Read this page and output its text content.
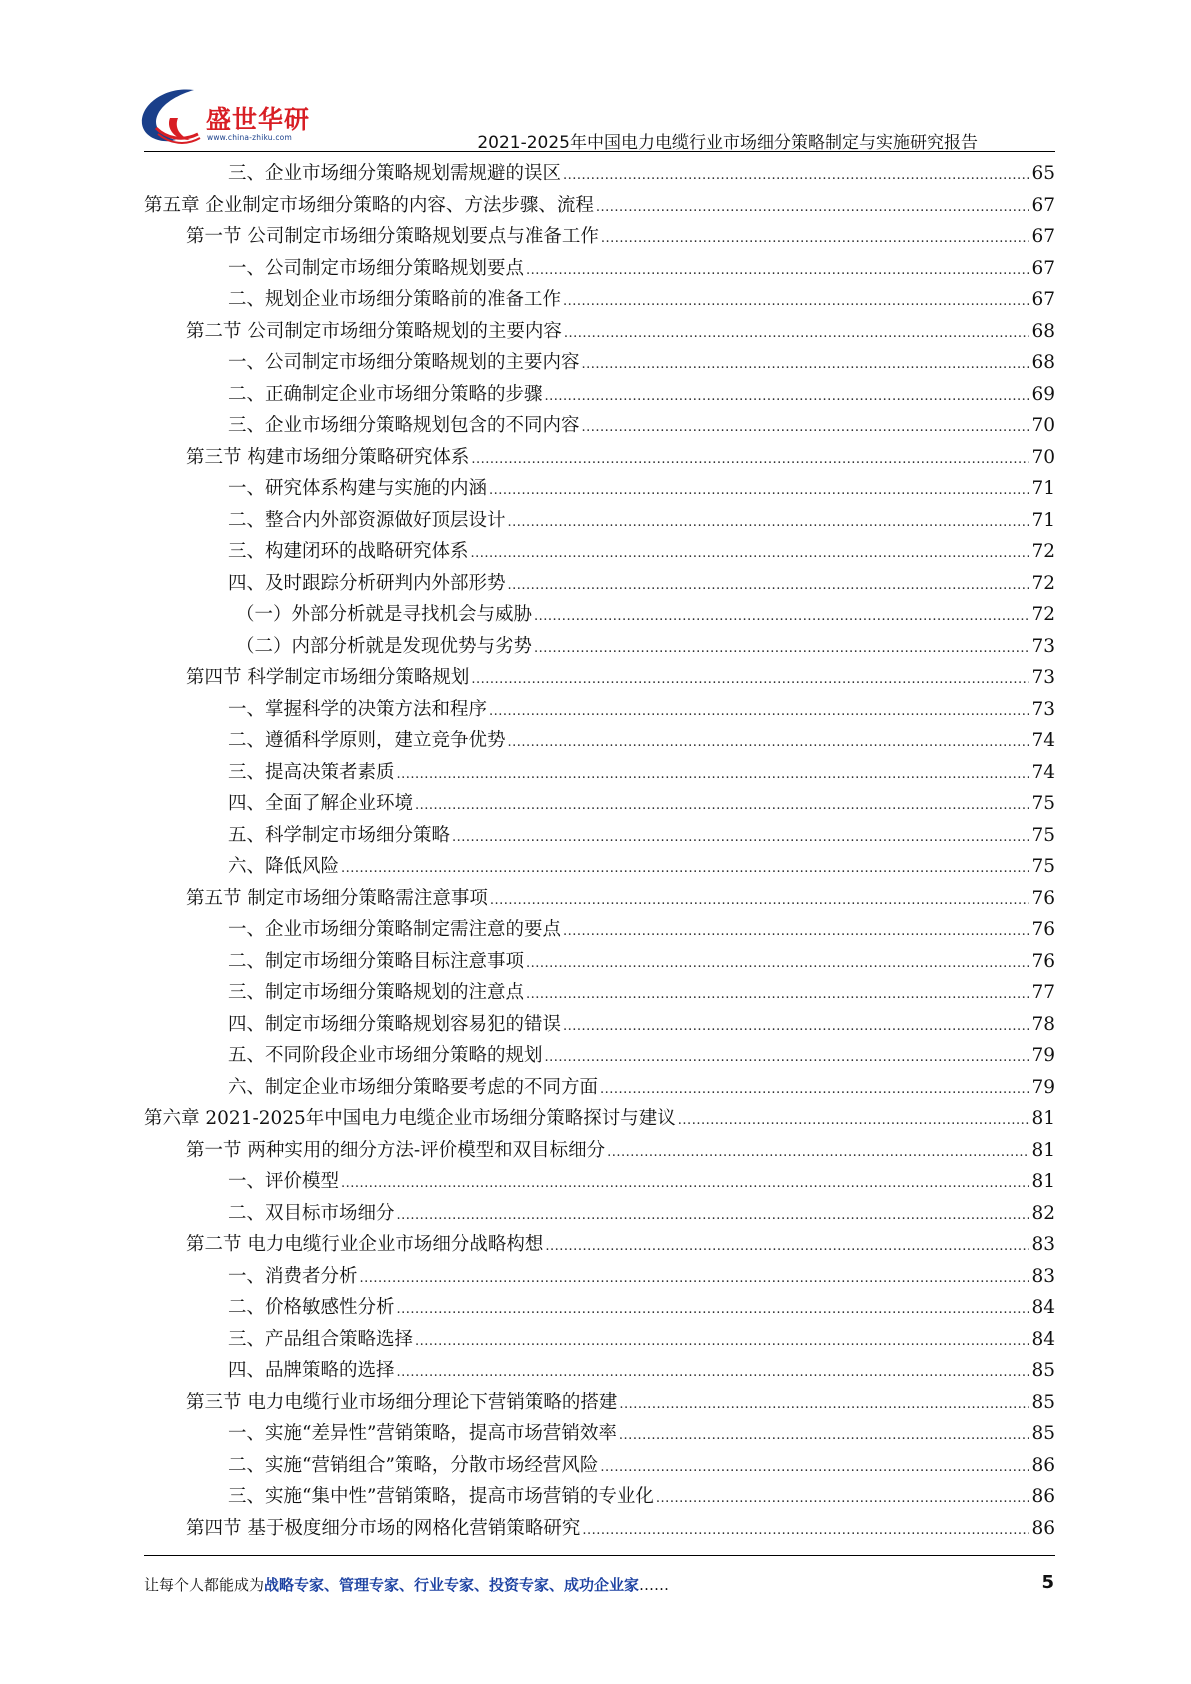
盛世华研
www.china-zhiku.com	2021-2025年中国电力电缆行业市场细分策略制定与实施研究报告
三、企业市场细分策略规划需规避的误区 .....	65
第五章 企业制定市场细分策略的内容、方法步骤、流程 .....	67
第一节 公司制定市场细分策略规划要点与准备工作 .....	67
一、公司制定市场细分策略规划要点 .....	67
二、规划企业市场细分策略前的准备工作 .....	67
第二节 公司制定市场细分策略规划的主要内容 .....	68
一、公司制定市场细分策略规划的主要内容 .....	68
二、正确制定企业市场细分策略的步骤 .....	69
三、企业市场细分策略规划包含的不同内容 .....	70
第三节 构建市场细分策略研究体系 .....	70
一、研究体系构建与实施的内涵 .....	71
二、整合内外部资源做好顶层设计 .....	71
三、构建闭环的战略研究体系 .....	72
四、及时跟踪分析研判内外部形势 .....	72
（一）外部分析就是寻找机会与威胁 .....	72
（二）内部分析就是发现优势与劣势 .....	73
第四节 科学制定市场细分策略规划 .....	73
一、掌握科学的决策方法和程序 .....	73
二、遵循科学原则，建立竞争优势 .....	74
三、提高决策者素质 .....	74
四、全面了解企业环境 .....	75
五、科学制定市场细分策略 .....	75
六、降低风险 .....	75
第五节 制定市场细分策略需注意事项 .....	76
一、企业市场细分策略制定需注意的要点 .....	76
二、制定市场细分策略目标注意事项 .....	76
三、制定市场细分策略规划的注意点 .....	77
四、制定市场细分策略规划容易犯的错误 .....	78
五、不同阶段企业市场细分策略的规划 .....	79
六、制定企业市场细分策略要考虑的不同方面 .....	79
第六章 2021-2025年中国电力电缆企业市场细分策略探讨与建议 .....	81
第一节 两种实用的细分方法-评价模型和双目标细分 .....	81
一、评价模型 .....	81
二、双目标市场细分 .....	82
第二节 电力电缆行业企业市场细分战略构想 .....	83
一、消费者分析 .....	83
二、价格敏感性分析 .....	84
三、产品组合策略选择 .....	84
四、品牌策略的选择 .....	85
第三节 电力电缆行业市场细分理论下营销策略的搭建 .....	85
一、实施“差异性”营销策略，提高市场营销效率 .....	85
二、实施“营销组合”策略，分散市场经营风险 .....	86
三、实施“集中性”营销策略，提高市场营销的专业化 .....	86
第四节 基于极度细分市场的网格化营销策略研究 .....	86
让每个人都能成为战略专家、管理专家、行业专家、投资专家、成功企业家……	5
